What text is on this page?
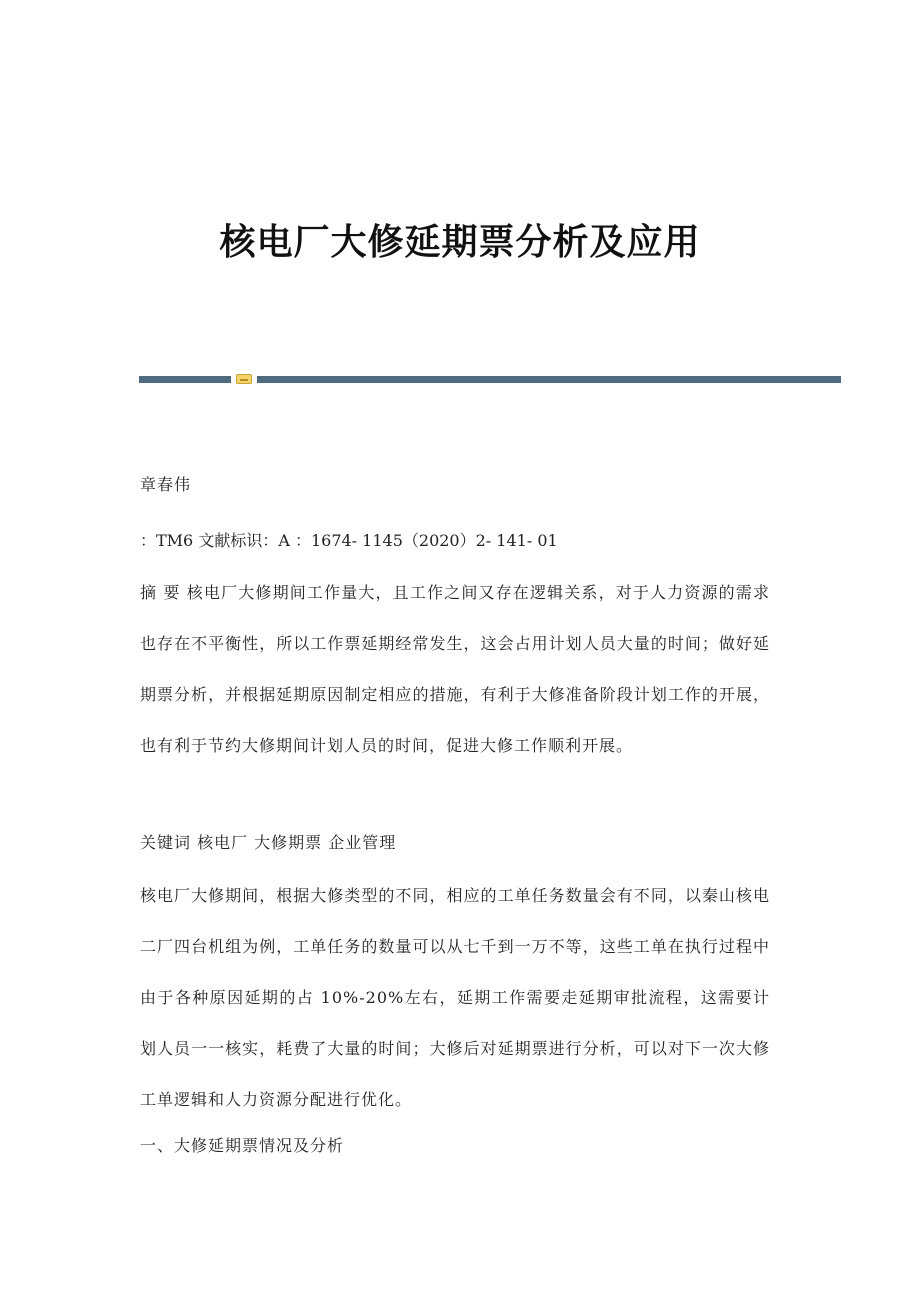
核电厂大修延期票分析及应用
章春伟
：TM6 文献标识：A ：1674- 1145（2020）2- 141- 01
摘 要 核电厂大修期间工作量大，且工作之间又存在逻辑关系，对于人力资源的需求也存在不平衡性，所以工作票延期经常发生，这会占用计划人员大量的时间；做好延期票分析，并根据延期原因制定相应的措施，有利于大修准备阶段计划工作的开展，也有利于节约大修期间计划人员的时间，促进大修工作顺利开展。
关键词 核电厂 大修期票 企业管理
核电厂大修期间，根据大修类型的不同，相应的工单任务数量会有不同，以秦山核电二厂四台机组为例，工单任务的数量可以从七千到一万不等，这些工单在执行过程中由于各种原因延期的占 10%-20%左右，延期工作需要走延期审批流程，这需要计划人员一一核实，耗费了大量的时间；大修后对延期票进行分析，可以对下一次大修工单逻辑和人力资源分配进行优化。
一、大修延期票情况及分析
